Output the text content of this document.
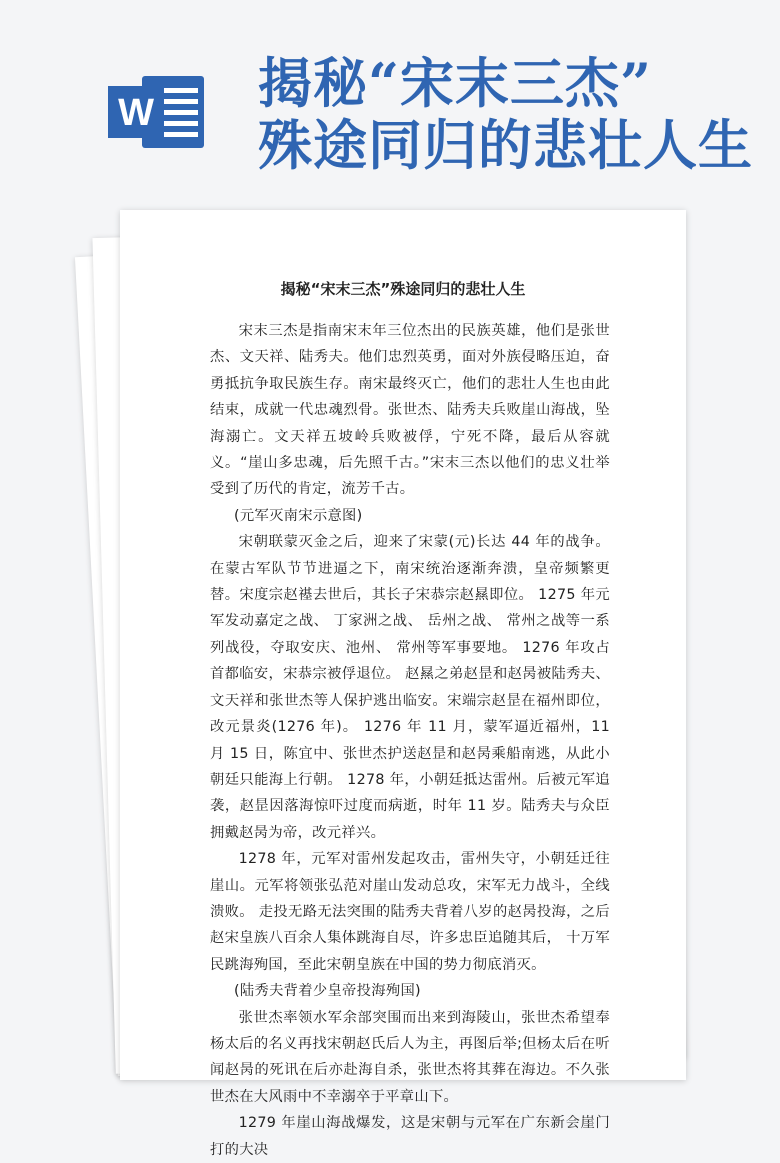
W 揭秘“宋末三杰”
殊途同归的悲壮人生
揭秘“宋末三杰”殊途同归的悲壮人生

宋末三杰是指南宋末年三位杰出的民族英雄，他们是张世杰、文天祥、陆秀夫。他们忠烈英勇，面对外族侵略压迫，奋勇抵抗争取民族生存。南宋最终灭亡，他们的悲壮人生也由此结束，成就一代忠魂烈骨。张世杰、陆秀夫兵败崖山海战，坠海溺亡。文天祥五坡岭兵败被俘，宁死不降，最后从容就义。“崖山多忠魂，后先照千古。”宋末三杰以他们的忠义壮举受到了历代的肯定，流芳千古。

(元军灭南宋示意图)

宋朝联蒙灭金之后，迎来了宋蒙(元)长达 44 年的战争。在蒙古军队节节进逼之下，南宋统治逐渐奔溃，皇帝频繁更替。宋度宗赵禥去世后，其长子宋恭宗赵㬎即位。 1275 年元军发动嘉定之战、 丁家洲之战、 岳州之战、 常州之战等一系列战役，夺取安庆、池州、 常州等军事要地。 1276 年攻占首都临安，宋恭宗被俘退位。 赵㬎之弟赵昰和赵昺被陆秀夫、文天祥和张世杰等人保护逃出临安。宋端宗赵昰在福州即位，改元景炎(1276 年)。 1276 年 11 月，蒙军逼近福州，11 月 15 日，陈宜中、张世杰护送赵昰和赵昺乘船南逃，从此小朝廷只能海上行朝。 1278 年，小朝廷抵达雷州。后被元军追袭，赵昰因落海惊吓过度而病逝，时年 11 岁。陆秀夫与众臣拥戴赵昺为帝，改元祥兴。

1278 年，元军对雷州发起攻击，雷州失守，小朝廷迁往崖山。元军将领张弘范对崖山发动总攻，宋军无力战斗，全线溃败。 走投无路无法突围的陆秀夫背着八岁的赵昺投海，之后赵宋皇族八百余人集体跳海自尽，许多忠臣追随其后， 十万军民跳海殉国，至此宋朝皇族在中国的势力彻底消灭。

(陆秀夫背着少皇帝投海殉国)

张世杰率领水军余部突围而出来到海陵山，张世杰希望奉杨太后的名义再找宋朝赵氏后人为主，再图后举;但杨太后在听闻赵昺的死讯在后亦赴海自杀，张世杰将其葬在海边。不久张世杰在大风雨中不幸溺卒于平章山下。

1279 年崖山海战爆发，这是宋朝与元军在广东新会崖门打的大决
